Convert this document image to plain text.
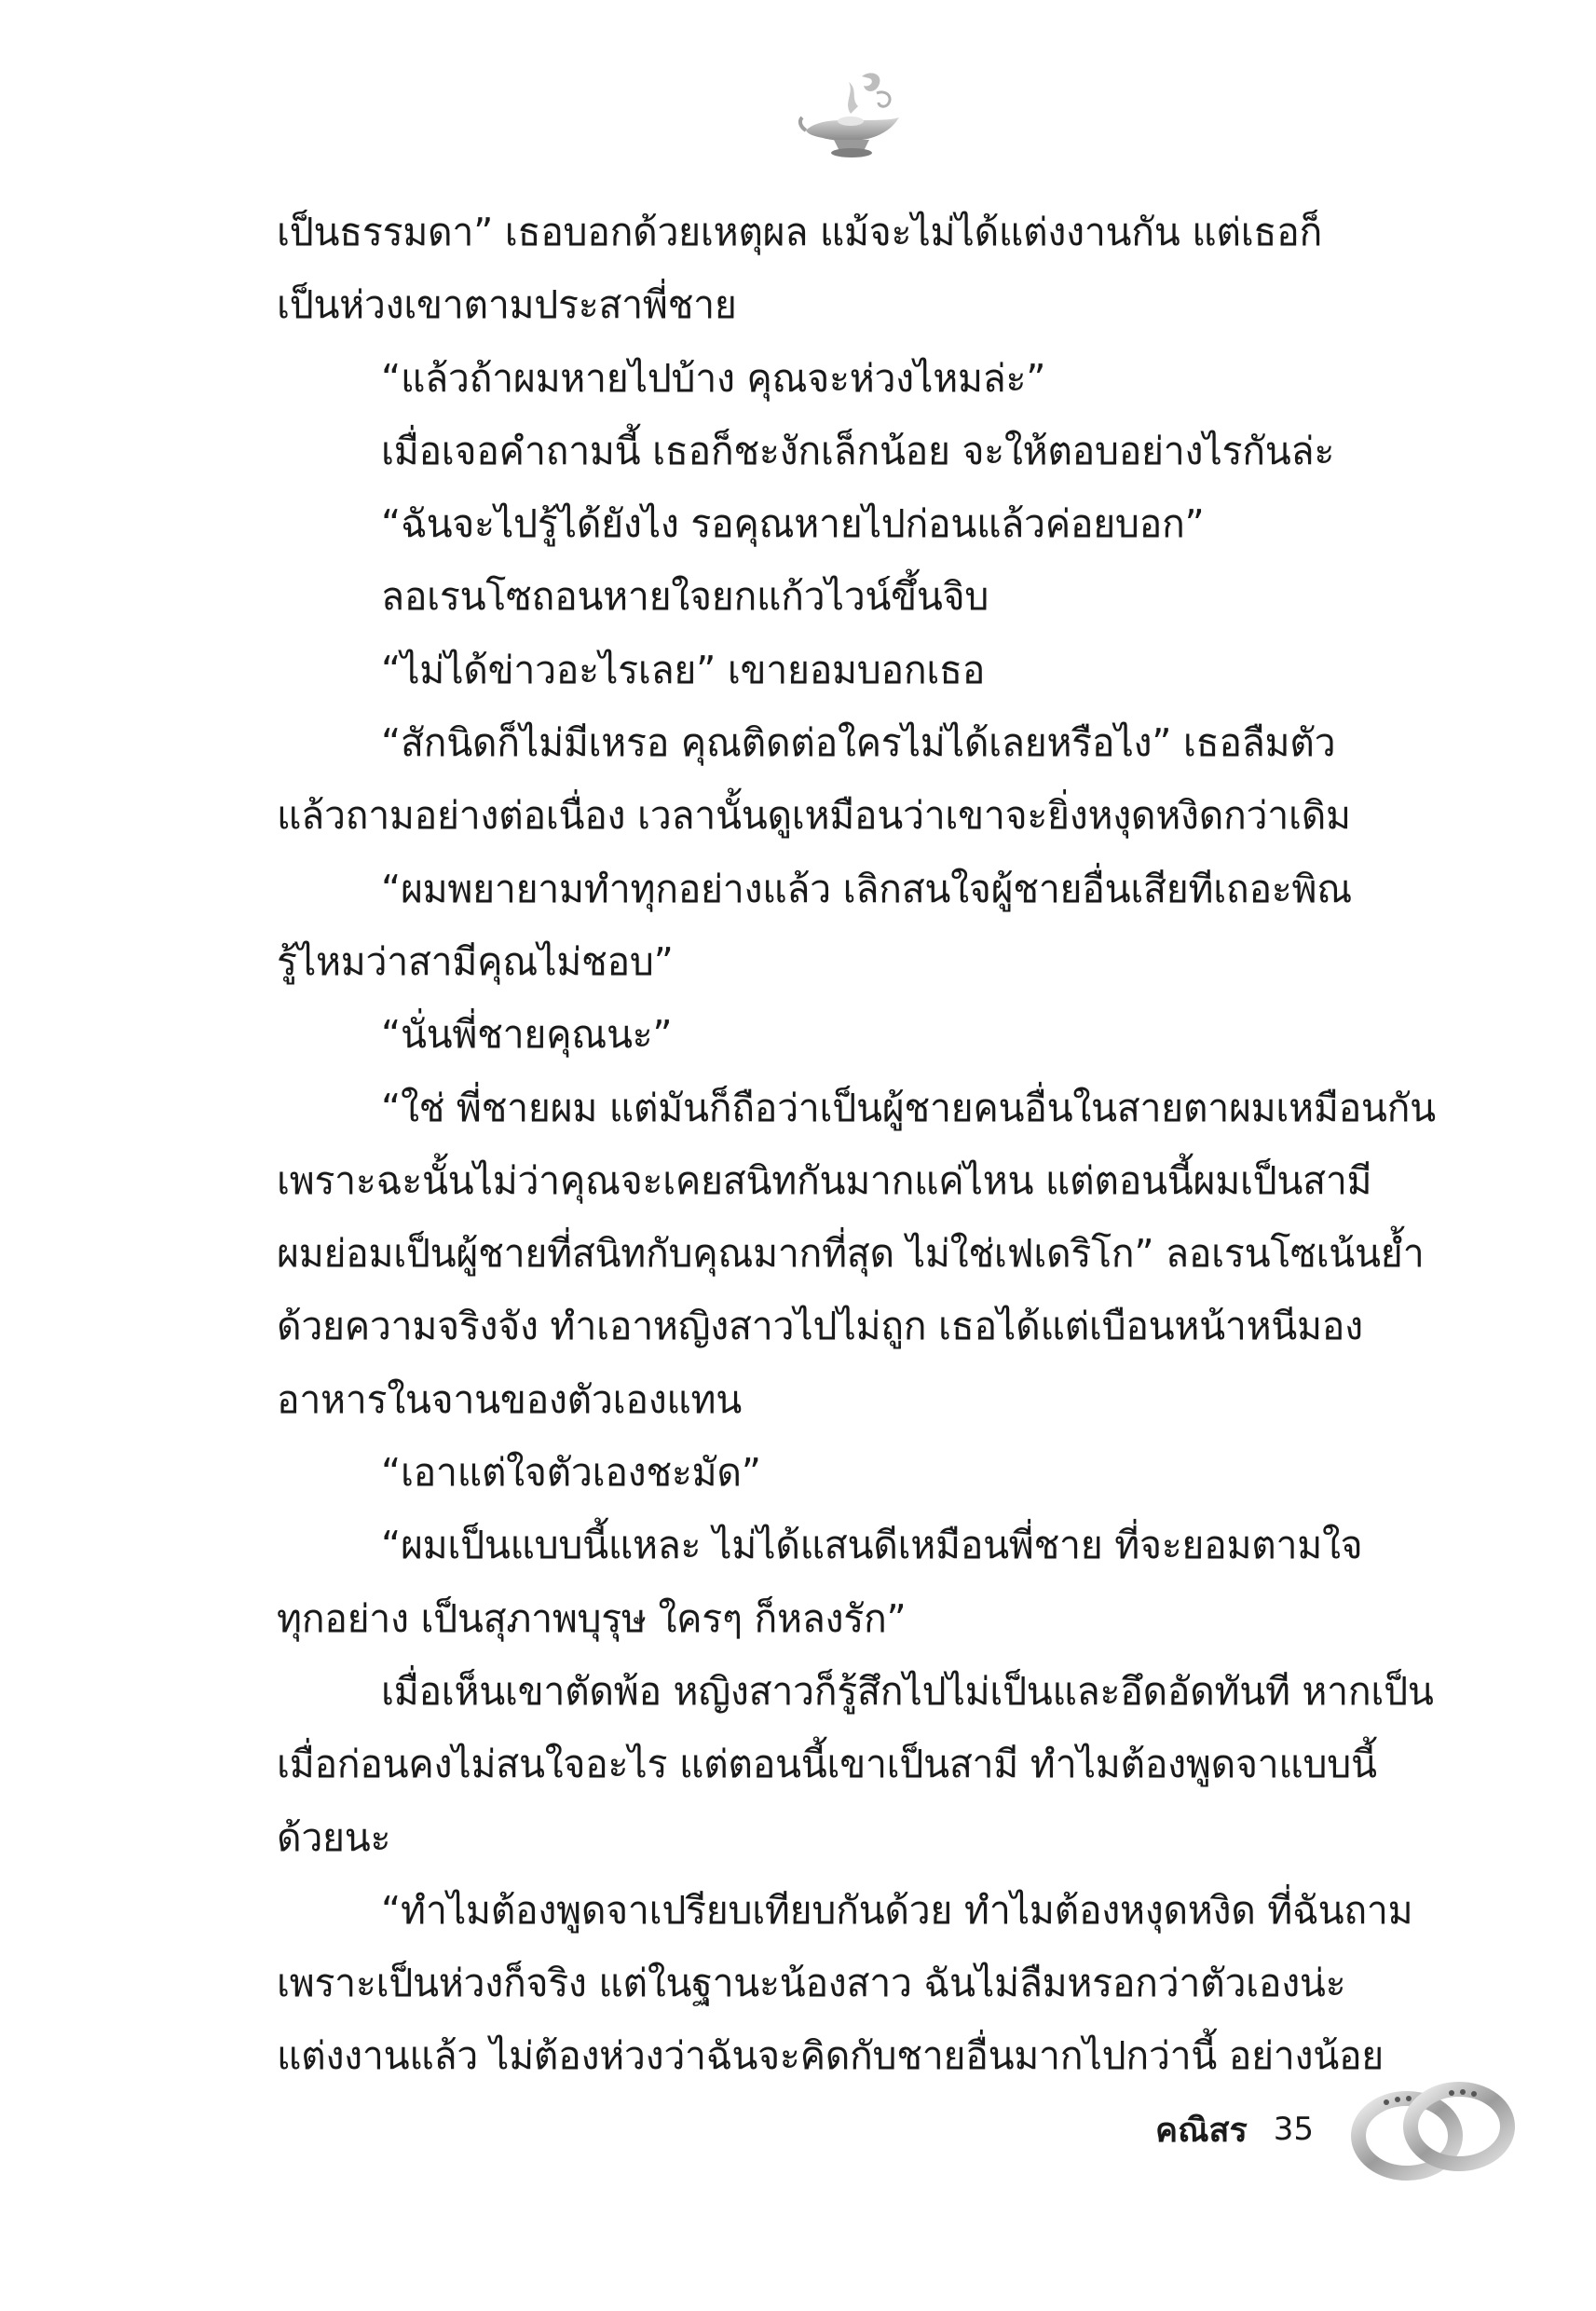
เป็นธรรมดา” เธอบอกด้วยเหตุผล แม้จะไม่ได้แต่งงานกัน แต่เธอก็
เป็นห่วงเขาตามประสาพี่ชาย
“แล้วถ้าผมหายไปบ้าง คุณจะห่วงไหมล่ะ”
เมื่อเจอคำถามนี้ เธอก็ชะงักเล็กน้อย จะให้ตอบอย่างไรกันล่ะ
“ฉันจะไปรู้ได้ยังไง รอคุณหายไปก่อนแล้วค่อยบอก”
ลอเรนโซถอนหายใจยกแก้วไวน์ขึ้นจิบ
“ไม่ได้ข่าวอะไรเลย” เขายอมบอกเธอ
“สักนิดก็ไม่มีเหรอ คุณติดต่อใครไม่ได้เลยหรือไง” เธอลืมตัว
แล้วถามอย่างต่อเนื่อง เวลานั้นดูเหมือนว่าเขาจะยิ่งหงุดหงิดกว่าเดิม
“ผมพยายามทำทุกอย่างแล้ว เลิกสนใจผู้ชายอื่นเสียทีเถอะพิณ
รู้ไหมว่าสามีคุณไม่ชอบ”
“นั่นพี่ชายคุณนะ”
“ใช่ พี่ชายผม แต่มันก็ถือว่าเป็นผู้ชายคนอื่นในสายตาผมเหมือนกัน
เพราะฉะนั้นไม่ว่าคุณจะเคยสนิทกันมากแค่ไหน แต่ตอนนี้ผมเป็นสามี
ผมย่อมเป็นผู้ชายที่สนิทกับคุณมากที่สุด ไม่ใช่เฟเดริโก” ลอเรนโซเน้นย้ำ
ด้วยความจริงจัง ทำเอาหญิงสาวไปไม่ถูก เธอได้แต่เบือนหน้าหนีมอง
อาหารในจานของตัวเองแทน
“เอาแต่ใจตัวเองชะมัด”
“ผมเป็นแบบนี้แหละ ไม่ได้แสนดีเหมือนพี่ชาย ที่จะยอมตามใจ
ทุกอย่าง เป็นสุภาพบุรุษ ใครๆ ก็หลงรัก”
เมื่อเห็นเขาตัดพ้อ หญิงสาวก็รู้สึกไปไม่เป็นและอึดอัดทันที หากเป็น
เมื่อก่อนคงไม่สนใจอะไร แต่ตอนนี้เขาเป็นสามี ทำไมต้องพูดจาแบบนี้
ด้วยนะ
“ทำไมต้องพูดจาเปรียบเทียบกันด้วย ทำไมต้องหงุดหงิด ที่ฉันถาม
เพราะเป็นห่วงก็จริง แต่ในฐานะน้องสาว ฉันไม่ลืมหรอกว่าตัวเองน่ะ
แต่งงานแล้ว ไม่ต้องห่วงว่าฉันจะคิดกับชายอื่นมากไปกว่านี้ อย่างน้อย
คณิสร 35
